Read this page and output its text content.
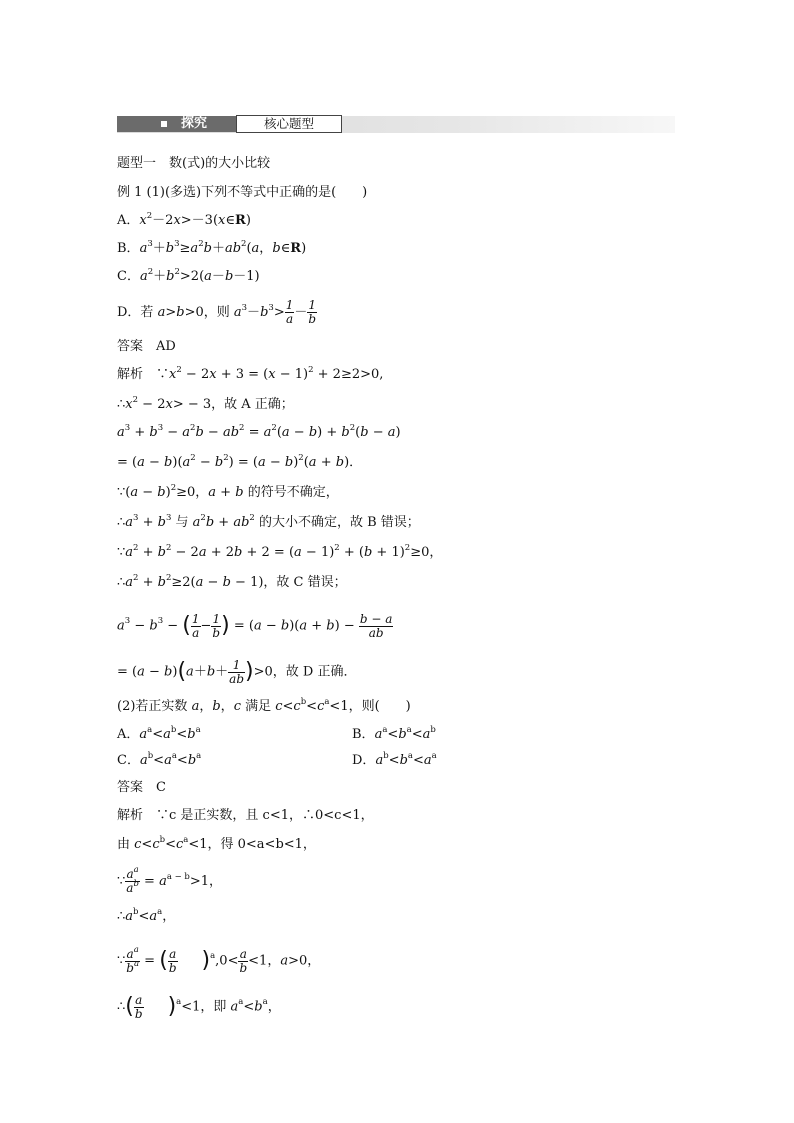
探究	核心题型
题型一　数(式)的大小比较
例 1 (1)(多选)下列不等式中正确的是(　　)
A．$x^2-2x>-3(x\in R)$
B．$a^3+b^3\ge a^2b+ab^2(a$，b∈R)
C．$a^2+b^2>2(a-b-1)$
D．若 a>b>0，则 $a^3-b^3> \frac{1}{a} - \frac{1}{b}$
答案　AD
解析　$\because x^2 - 2x + 3 = (x - 1)^2 + 2\ge 2>0$,
$\therefore x^2 - 2x> - 3$，故 A 正确；
$a^3 + b^3 - a^2b - ab^2 = a^2(a - b) + b^2(b - a)$
= $(a - b)(a^2 - b^2) = (a - b)^2(a + b)$．
∵(a − b)$^2$≥0，a + b 的符号不确定，
$\therefore a^3 + b^3$ 与 $a^2b + ab^2$ 的大小不确定，故 B 错误；
$\because a^2 + b^2 - 2a + 2b + 2 = (a - 1)^2 + (b + 1)^2\ge 0$，
$\therefore a^2 + b^2\ge 2(a - b - 1)$，故 C 错误；
$a^3 - b^3$ − ( $\frac{1}{a} - \frac{1}{b}$ ) = $(a - b)(a + b) - \frac{b - a}{ab}$
= $(a - b)(a+b+ \frac{1}{ab} )>0$，故 D 正确．
(2)若正实数 a，b，c 满足 $c<c^b<c^a<1$，则(　　)
A．$a^a<a^b<b^a$	B．$a^a<b^a<a^b$
C．$a^b<a^a<b^a$	D．$a^b<b^a<a^a$
答案　C
解析　∵c 是正实数，且 c<1，∴0<c<1，
由 $c<c^b<c^a<1$，得 0<a<b<1，
∵ $\frac{a^a}{a^b} = a^{a - b}>1$，
$\therefore a^b<a^a$，
∵ $\frac{a^a}{b^a}$ = ( $\frac{a}{b} )^a,0< \frac{a}{b} <1$，a>0，
∴( $\frac{a}{b} )^a<1$，即 $a^a<b^a$，
